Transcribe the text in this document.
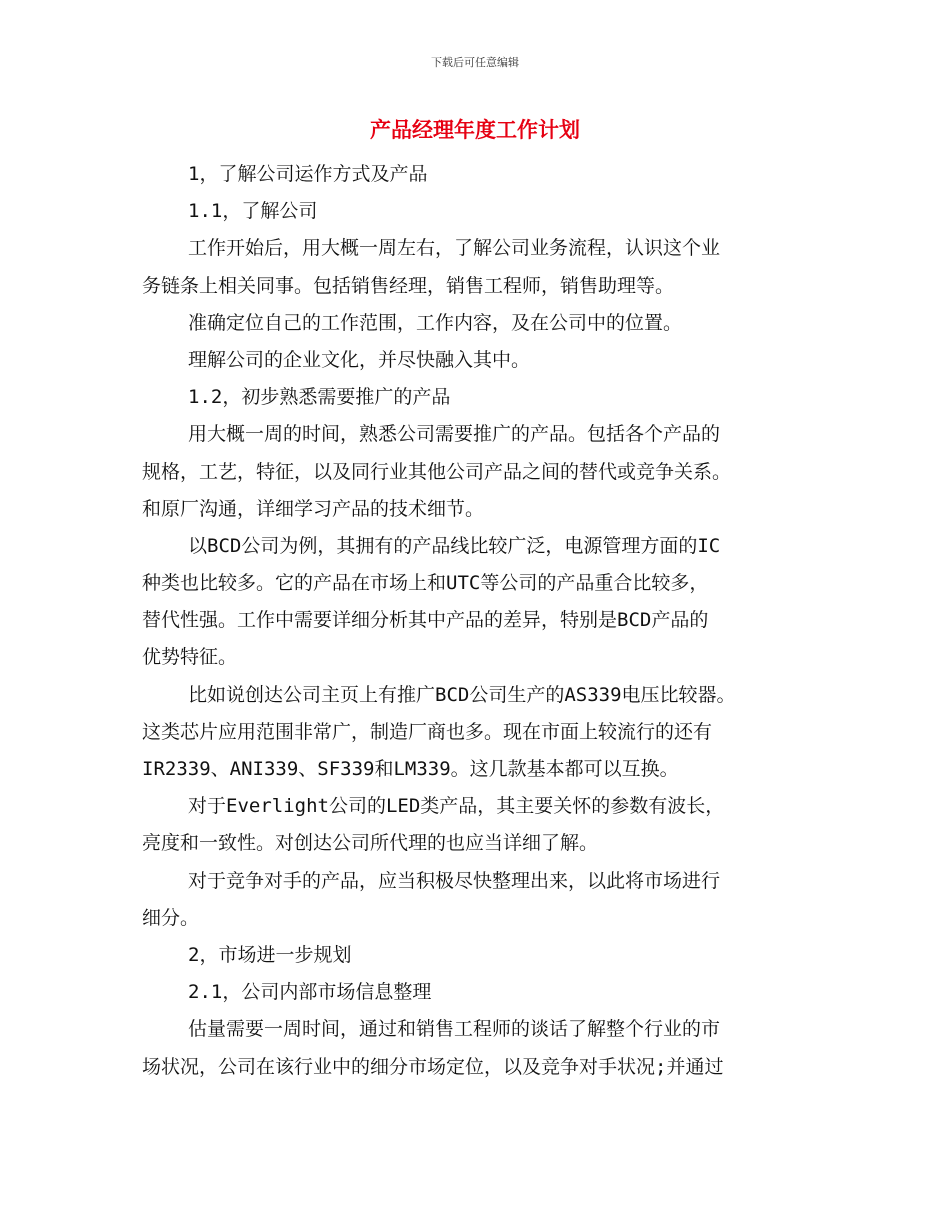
下载后可任意编辑
产品经理年度工作计划
1，了解公司运作方式及产品
1.1，了解公司
工作开始后，用大概一周左右，了解公司业务流程，认识这个业
务链条上相关同事。包括销售经理，销售工程师，销售助理等。
准确定位自己的工作范围，工作内容，及在公司中的位置。
理解公司的企业文化，并尽快融入其中。
1.2，初步熟悉需要推广的产品
用大概一周的时间，熟悉公司需要推广的产品。包括各个产品的
规格，工艺，特征，以及同行业其他公司产品之间的替代或竞争关系。
和原厂沟通，详细学习产品的技术细节。
以BCD公司为例，其拥有的产品线比较广泛，电源管理方面的IC
种类也比较多。它的产品在市场上和UTC等公司的产品重合比较多，
替代性强。工作中需要详细分析其中产品的差异，特别是BCD产品的
优势特征。
比如说创达公司主页上有推广BCD公司生产的AS339电压比较器。
这类芯片应用范围非常广，制造厂商也多。现在市面上较流行的还有
IR2339、ANI339、SF339和LM339。这几款基本都可以互换。
对于Everlight公司的LED类产品，其主要关怀的参数有波长，
亮度和一致性。对创达公司所代理的也应当详细了解。
对于竞争对手的产品，应当积极尽快整理出来，以此将市场进行
细分。
2，市场进一步规划
2.1，公司内部市场信息整理
估量需要一周时间，通过和销售工程师的谈话了解整个行业的市
场状况，公司在该行业中的细分市场定位，以及竞争对手状况;并通过
